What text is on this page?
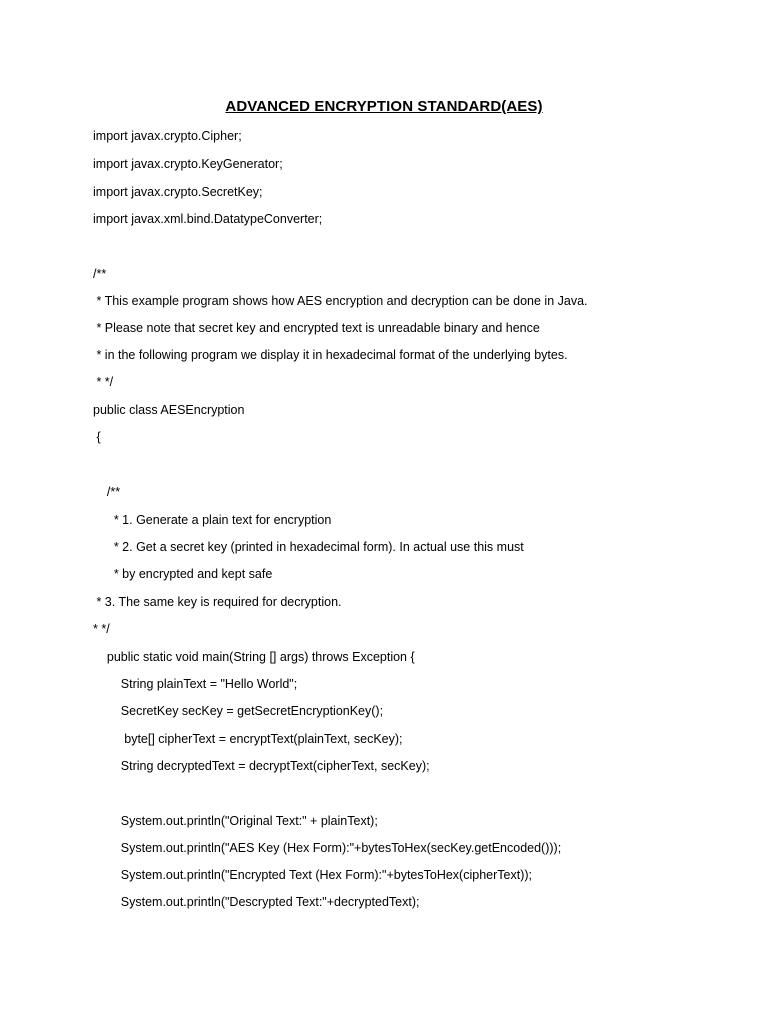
ADVANCED ENCRYPTION STANDARD(AES)
import javax.crypto.Cipher;
import javax.crypto.KeyGenerator;
import javax.crypto.SecretKey;
import javax.xml.bind.DatatypeConverter;
/**
* This example program shows how AES encryption and decryption can be done in Java.
* Please note that secret key and encrypted text is unreadable binary and hence
* in the following program we display it in hexadecimal format of the underlying bytes.
* */
public class AESEncryption
{
/**
* 1. Generate a plain text for encryption
* 2. Get a secret key (printed in hexadecimal form). In actual use this must
* by encrypted and kept safe
* 3. The same key is required for decryption.
* */
public static void main(String [] args) throws Exception {
String plainText = "Hello World";
SecretKey secKey = getSecretEncryptionKey();
byte[] cipherText = encryptText(plainText, secKey);
String decryptedText = decryptText(cipherText, secKey);
System.out.println("Original Text:" + plainText);
System.out.println("AES Key (Hex Form):"+bytesToHex(secKey.getEncoded()));
System.out.println("Encrypted Text (Hex Form):"+bytesToHex(cipherText));
System.out.println("Descrypted Text:"+decryptedText);
